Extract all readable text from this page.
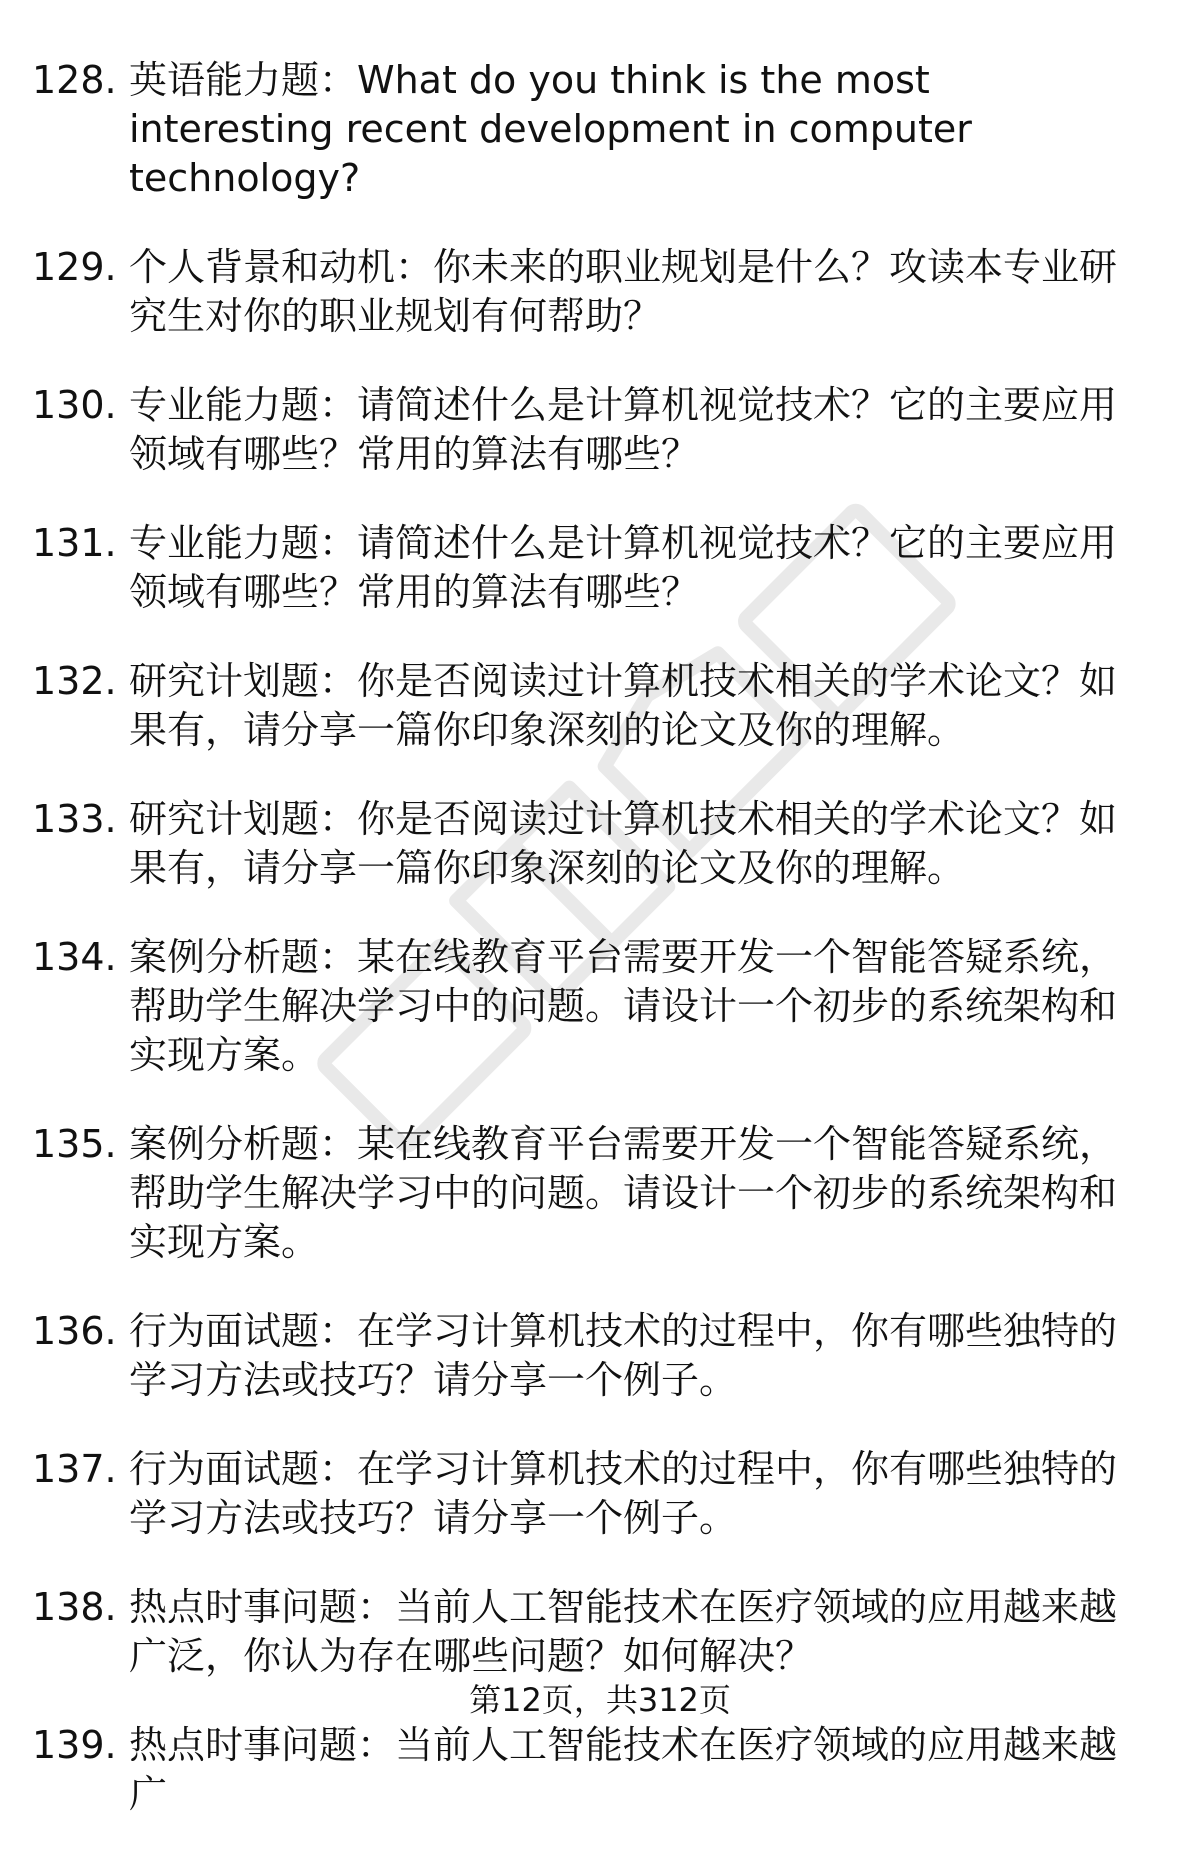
128. 英语能力题：What do you think is the most interesting recent development in computer technology?
129. 个人背景和动机：你未来的职业规划是什么？攻读本专业研究生对你的职业规划有何帮助？
130. 专业能力题：请简述什么是计算机视觉技术？它的主要应用领域有哪些？常用的算法有哪些？
131. 专业能力题：请简述什么是计算机视觉技术？它的主要应用领域有哪些？常用的算法有哪些？
132. 研究计划题：你是否阅读过计算机技术相关的学术论文？如果有，请分享一篇你印象深刻的论文及你的理解。
133. 研究计划题：你是否阅读过计算机技术相关的学术论文？如果有，请分享一篇你印象深刻的论文及你的理解。
134. 案例分析题：某在线教育平台需要开发一个智能答疑系统，帮助学生解决学习中的问题。请设计一个初步的系统架构和实现方案。
135. 案例分析题：某在线教育平台需要开发一个智能答疑系统，帮助学生解决学习中的问题。请设计一个初步的系统架构和实现方案。
136. 行为面试题：在学习计算机技术的过程中，你有哪些独特的学习方法或技巧？请分享一个例子。
137. 行为面试题：在学习计算机技术的过程中，你有哪些独特的学习方法或技巧？请分享一个例子。
138. 热点时事问题：当前人工智能技术在医疗领域的应用越来越广泛，你认为存在哪些问题？如何解决？
139. 热点时事问题：当前人工智能技术在医疗领域的应用越来越广
第12页，共312页
